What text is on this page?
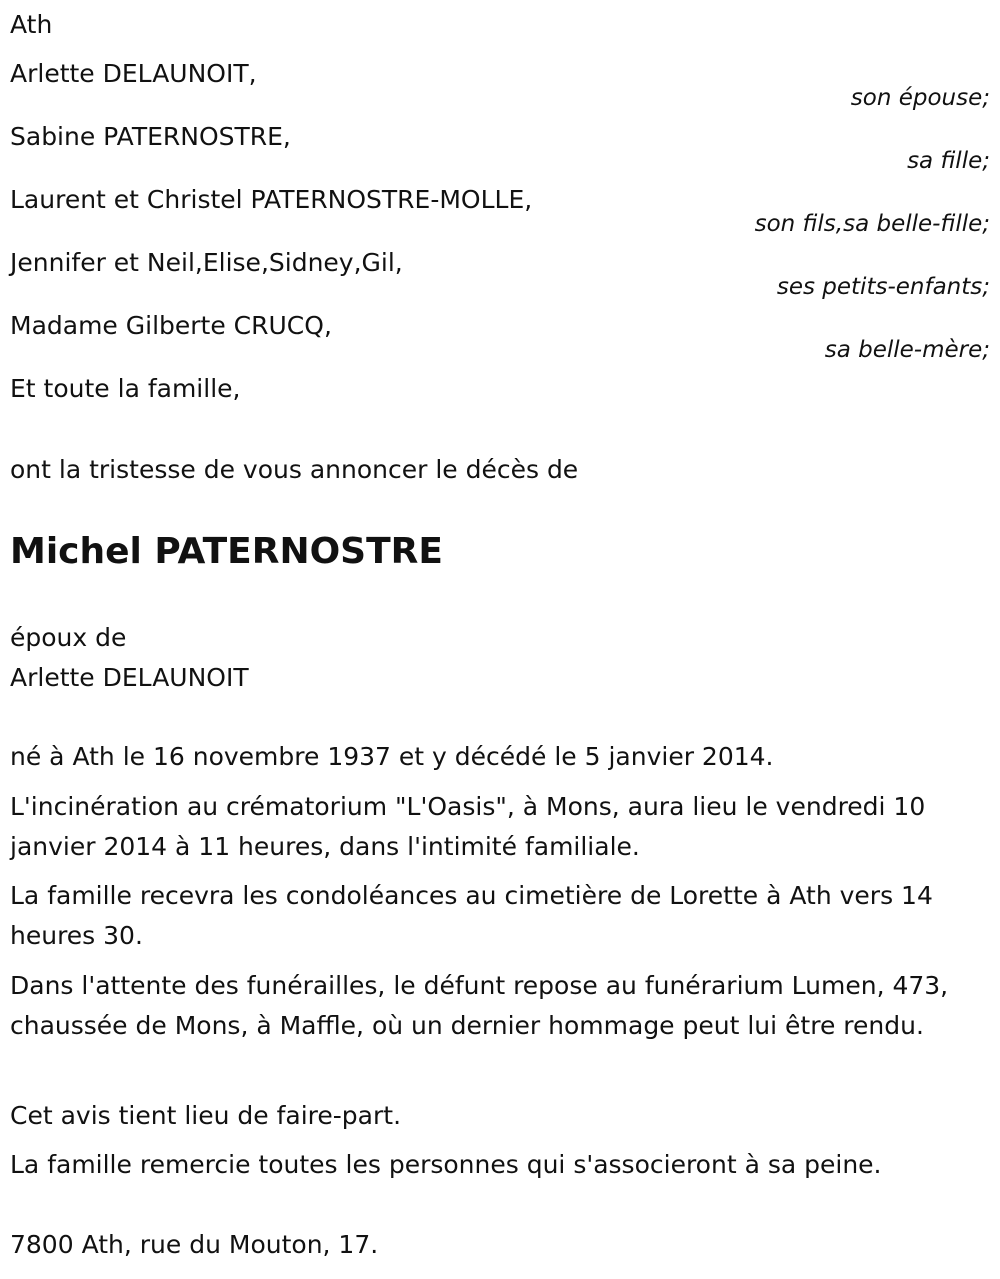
Ath
Arlette DELAUNOIT,
son épouse;
Sabine PATERNOSTRE,
sa fille;
Laurent et Christel PATERNOSTRE-MOLLE,
son fils,sa belle-fille;
Jennifer et Neil,Elise,Sidney,Gil,
ses petits-enfants;
Madame Gilberte CRUCQ,
sa belle-mère;
Et toute la famille,
ont la tristesse de vous annoncer le décès de
Michel PATERNOSTRE
époux de
Arlette DELAUNOIT
né à Ath le 16 novembre 1937 et y décédé le 5 janvier 2014.
L'incinération au crématorium "L'Oasis", à Mons, aura lieu le vendredi 10 janvier 2014 à 11 heures, dans l'intimité familiale.
La famille recevra les condoléances au cimetière de Lorette à Ath vers 14 heures 30.
Dans l'attente des funérailles, le défunt repose au funérarium Lumen, 473, chaussée de Mons, à Maffle, où un dernier hommage peut lui être rendu.
Cet avis tient lieu de faire-part.
La famille remercie toutes les personnes qui s'associeront à sa peine.
7800 Ath, rue du Mouton, 17.
